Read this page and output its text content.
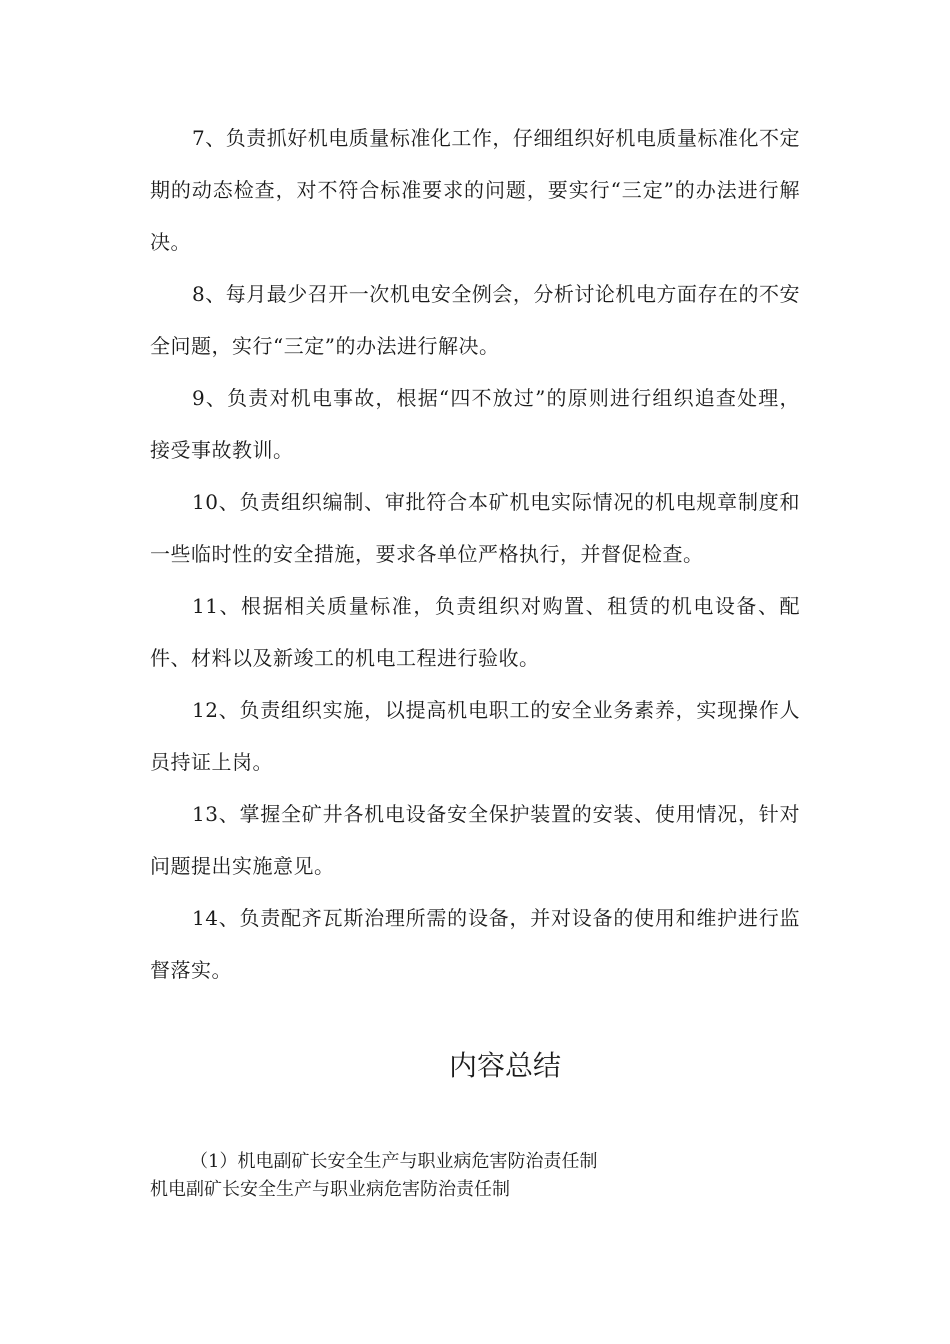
7、负责抓好机电质量标准化工作，仔细组织好机电质量标准化不定期的动态检查，对不符合标准要求的问题，要实行“三定”的办法进行解决。

8、每月最少召开一次机电安全例会，分析讨论机电方面存在的不安全问题，实行“三定”的办法进行解决。

9、负责对机电事故，根据“四不放过”的原则进行组织追查处理，接受事故教训。

10、负责组织编制、审批符合本矿机电实际情况的机电规章制度和一些临时性的安全措施，要求各单位严格执行，并督促检查。

11、根据相关质量标准，负责组织对购置、租赁的机电设备、配件、材料以及新竣工的机电工程进行验收。

12、负责组织实施，以提高机电职工的安全业务素养，实现操作人员持证上岗。

13、掌握全矿井各机电设备安全保护装置的安装、使用情况，针对问题提出实施意见。

14、负责配齐瓦斯治理所需的设备，并对设备的使用和维护进行监督落实。

内容总结

（1）机电副矿长安全生产与职业病危害防治责任制

机电副矿长安全生产与职业病危害防治责任制
